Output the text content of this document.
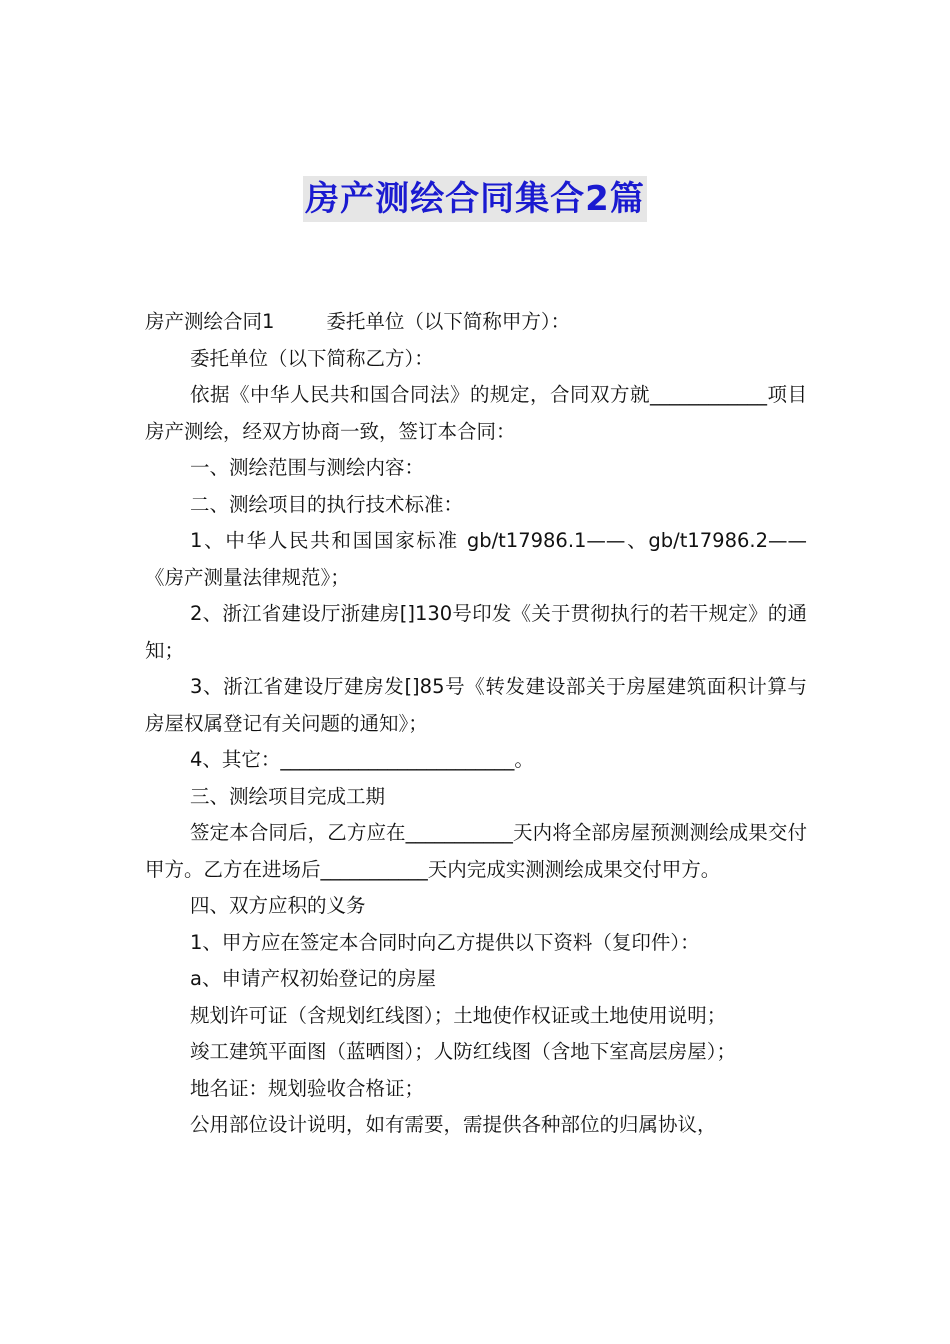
房产测绘合同集合2篇

房产测绘合同1	委托单位（以下简称甲方）：

委托单位（以下简称乙方）：

依据《中华人民共和国合同法》的规定，合同双方就____________项目房产测绘，经双方协商一致，签订本合同：

一、测绘范围与测绘内容：

二、测绘项目的执行技术标准：

1、中华人民共和国国家标准 gb/t17986.1——、gb/t17986.2——《房产测量法律规范》；

2、浙江省建设厅浙建房[]130号印发《关于贯彻执行的若干规定》的通知；

3、浙江省建设厅建房发[]85号《转发建设部关于房屋建筑面积计算与房屋权属登记有关问题的通知》；

4、其它：________________________。

三、测绘项目完成工期

签定本合同后，乙方应在___________天内将全部房屋预测测绘成果交付甲方。乙方在进场后___________天内完成实测测绘成果交付甲方。

四、双方应积的义务

1、甲方应在签定本合同时向乙方提供以下资料（复印件）：

a、申请产权初始登记的房屋

规划许可证（含规划红线图）；土地使作权证或土地使用说明；

竣工建筑平面图（蓝晒图）；人防红线图（含地下室高层房屋）；

地名证：规划验收合格证；

公用部位设计说明，如有需要，需提供各种部位的归属协议，
